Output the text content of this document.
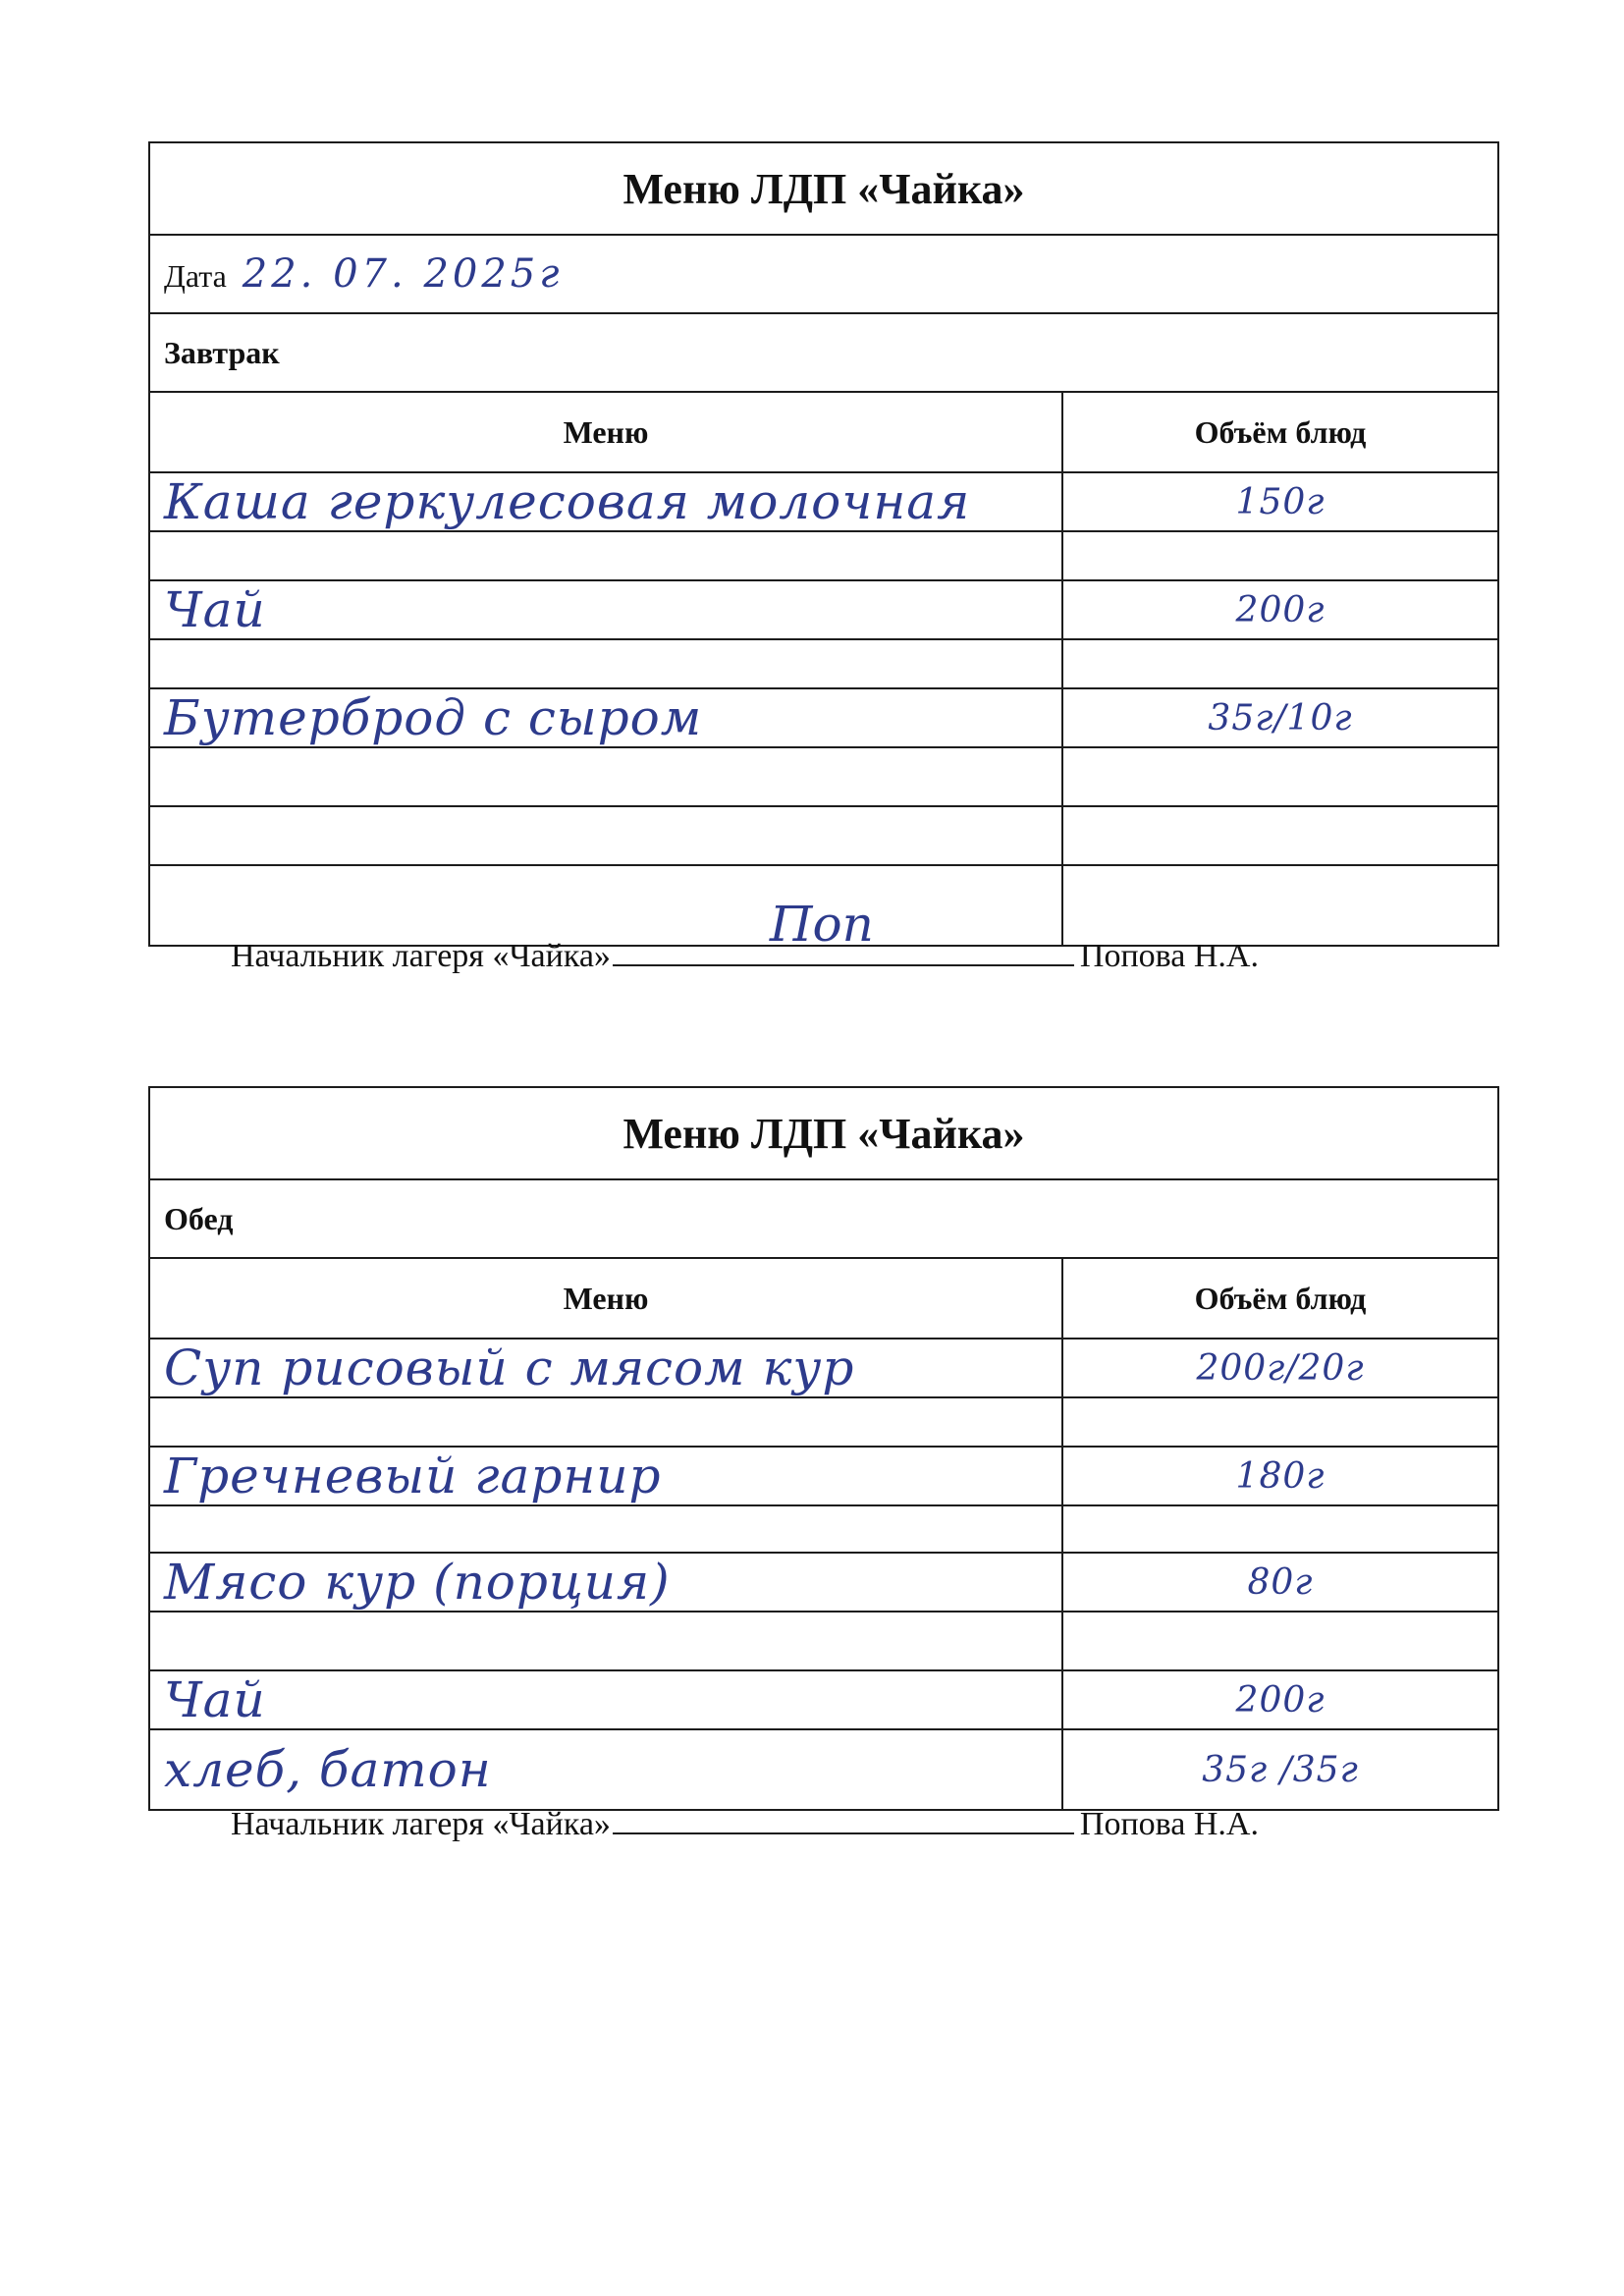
Меню ЛДП «Чайка»	
Дата 22. 07. 2025г	
Завтрак	
Меню	Объём блюд
Каша геркулесовая молочная	150г

Чай	200г

Бутерброд с сыром	35г/10г

Начальник лагеря «Чайка»
Поп
Попова Н.А.
Меню ЛДП «Чайка»	
Обед	
Меню	Объём блюд
Суп рисовый с мясом кур	200г/20г

Гречневый гарнир	180г

Мясо кур (порция)	80г

Чай	200г
хлеб, батон	35г /35г
Начальник лагеря «Чайка»	Попова Н.А.
